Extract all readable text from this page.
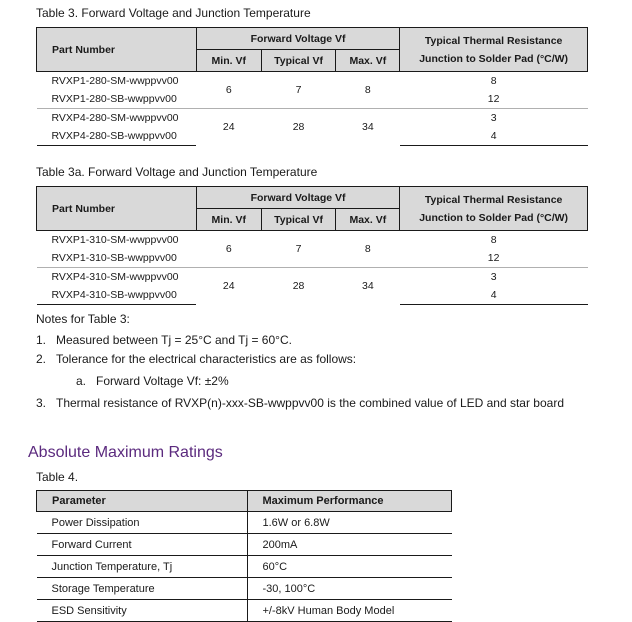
Table 3. Forward Voltage and Junction Temperature
Part Number	Forward Voltage Vf			Typical Thermal Resistance
Junction to Solder Pad (°C/W)
	Min. Vf	Typical Vf	Max. Vf	
RVXP1-280-SM-wwppvv00	6	7	8	8
RVXP1-280-SB-wwppvv00				12
RVXP4-280-SM-wwppvv00	24	28	34	3
RVXP4-280-SB-wwppvv00				4
Table 3a. Forward Voltage and Junction Temperature
Part Number	Forward Voltage Vf			Typical Thermal Resistance
Junction to Solder Pad (°C/W)
	Min. Vf	Typical Vf	Max. Vf	
RVXP1-310-SM-wwppvv00	6	7	8	8
RVXP1-310-SB-wwppvv00				12
RVXP4-310-SM-wwppvv00	24	28	34	3
RVXP4-310-SB-wwppvv00				4
Notes for Table 3:
1. Measured between Tj = 25°C and Tj = 60°C.
2. Tolerance for the electrical characteristics are as follows:
a. Forward Voltage Vf: ±2%
3. Thermal resistance of RVXP(n)-xxx-SB-wwppvv00 is the combined value of LED and star board
Absolute Maximum Ratings
Table 4.
Parameter	Maximum Performance
Power Dissipation	1.6W or 6.8W
Forward Current	200mA
Junction Temperature, Tj	60°C
Storage Temperature	-30, 100°C
ESD Sensitivity	+/-8kV Human Body Model
